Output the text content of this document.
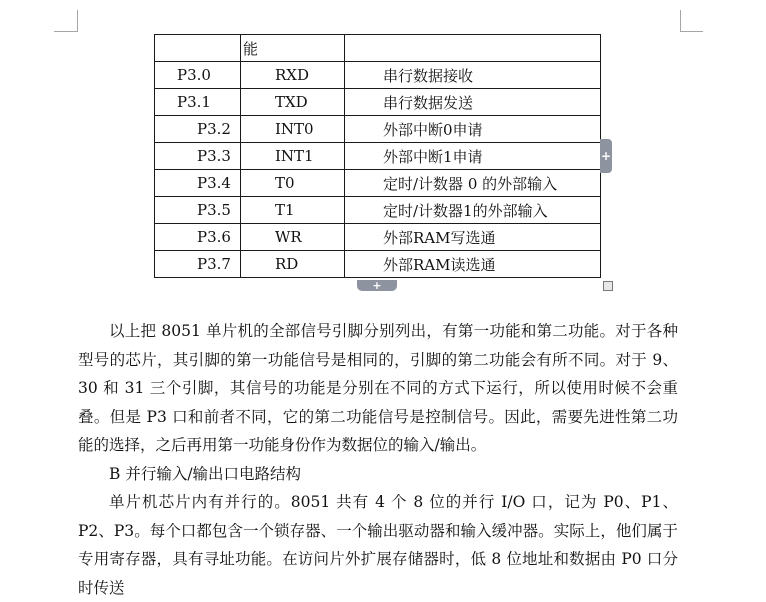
	能	
P3.0	RXD	串行数据接收
P3.1	TXD	串行数据发送
P3.2	INT0	外部中断0申请
P3.3	INT1	外部中断1申请
P3.4	T0	定时/计数器 0 的外部输入
P3.5	T1	定时/计数器1的外部输入
P3.6	WR	外部RAM写选通
P3.7	RD	外部RAM读选通
+
+

以上把 8051 单片机的全部信号引脚分别列出，有第一功能和第二功能。对于各种型号的芯片，其引脚的第一功能信号是相同的，引脚的第二功能会有所不同。对于 9、30 和 31 三个引脚，其信号的功能是分别在不同的方式下运行，所以使用时候不会重叠。但是 P3 口和前者不同，它的第二功能信号是控制信号。因此，需要先进性第二功能的选择，之后再用第一功能身份作为数据位的输入/输出。

B 并行输入/输出口电路结构

单片机芯片内有并行的。8051 共有 4 个 8 位的并行 I/O 口，记为 P0、P1、P2、P3。每个口都包含一个锁存器、一个输出驱动器和输入缓冲器。实际上，他们属于专用寄存器，具有寻址功能。在访问片外扩展存储器时，低 8 位地址和数据由 P0 口分时传送
